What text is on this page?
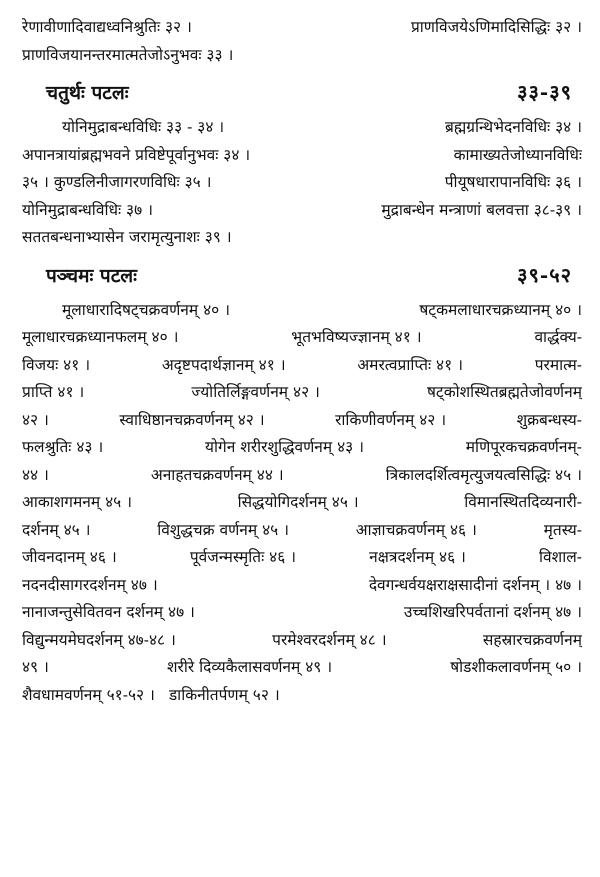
रेणावीणादिवाद्यध्वनिश्रुतिः ३२ ।	प्राणविजयेऽणिमादिसिद्धिः ३२ ।
प्राणविजयानन्तरमात्मतेजोऽनुभवः ३३ ।
चतुर्थः पटलः	३३-३९
योनिमुद्राबन्धविधिः ३३ - ३४ ।	ब्रह्मग्रन्थिभेदनविधिः ३४ ।
अपानत्रायांब्रह्मभवने प्रविष्टेपूर्वानुभवः ३४ ।	कामाख्यतेजोध्यानविधिः
३५ । कुण्डलिनीजागरणविधिः ३५ ।	पीयूषधारापानविधिः ३६ ।
योनिमुद्राबन्धविधिः ३७ ।	मुद्राबन्धेन मन्त्राणां बलवत्ता ३८-३९ ।
सततबन्धनाभ्यासेन जरामृत्युनाशः ३९ ।
पञ्चमः पटलः	३९-५२
मूलाधारादिषट्चक्रवर्णनम् ४० ।	षट्कमलाधारचक्रध्यानम् ४० ।
मूलाधारचक्रध्यानफलम् ४० ।	भूतभविष्यज्ज्ञानम् ४१ ।	वार्द्धक्य-
विजयः ४१ ।	अदृष्टपदार्थज्ञानम् ४१ ।	अमरत्वप्राप्तिः ४१ ।	परमात्म-
प्राप्ति ४१ ।	ज्योतिर्लिङ्गवर्णनम् ४२ ।	षट्कोशस्थितब्रह्मतेजोवर्णनम्
४२ ।	स्वाधिष्ठानचक्रवर्णनम् ४२ ।	राकिणीवर्णनम् ४२ ।	शुक्रबन्धस्य-
फलश्रुतिः ४३ ।	योगेन शरीरशुद्धिवर्णनम् ४३ ।	मणिपूरकचक्रवर्णनम्-
४४ ।	अनाहतचक्रवर्णनम् ४४ ।	त्रिकालदर्शित्वमृत्युजयत्वसिद्धिः ४५ ।
आकाशगमनम् ४५ ।	सिद्धयोगिदर्शनम् ४५ ।	विमानस्थितदिव्यनारी-
दर्शनम् ४५ ।	विशुद्धचक्र वर्णनम् ४५ ।	आज्ञाचक्रवर्णनम् ४६ ।	मृतस्य-
जीवनदानम् ४६ ।	पूर्वजन्मस्मृतिः ४६ ।	नक्षत्रदर्शनम् ४६ ।	विशाल-
नदनदीसागरदर्शनम् ४७ ।	देवगन्धर्वयक्षराक्षसादीनां दर्शनम् । ४७ ।
नानाजन्तुसेवितवन दर्शनम् ४७ ।	उच्चशिखरिपर्वतानां दर्शनम् ४७ ।
विद्युन्मयमेघदर्शनम् ४७-४८ ।	परमेश्वरदर्शनम् ४८ ।	सहस्रारचक्रवर्णनम्
४९ ।	शरीरे दिव्यकैलासवर्णनम् ४९ ।	षोडशीकलावर्णनम् ५० ।
शैवधामवर्णनम् ५१-५२ । डाकिनीतर्पणम् ५२ ।
